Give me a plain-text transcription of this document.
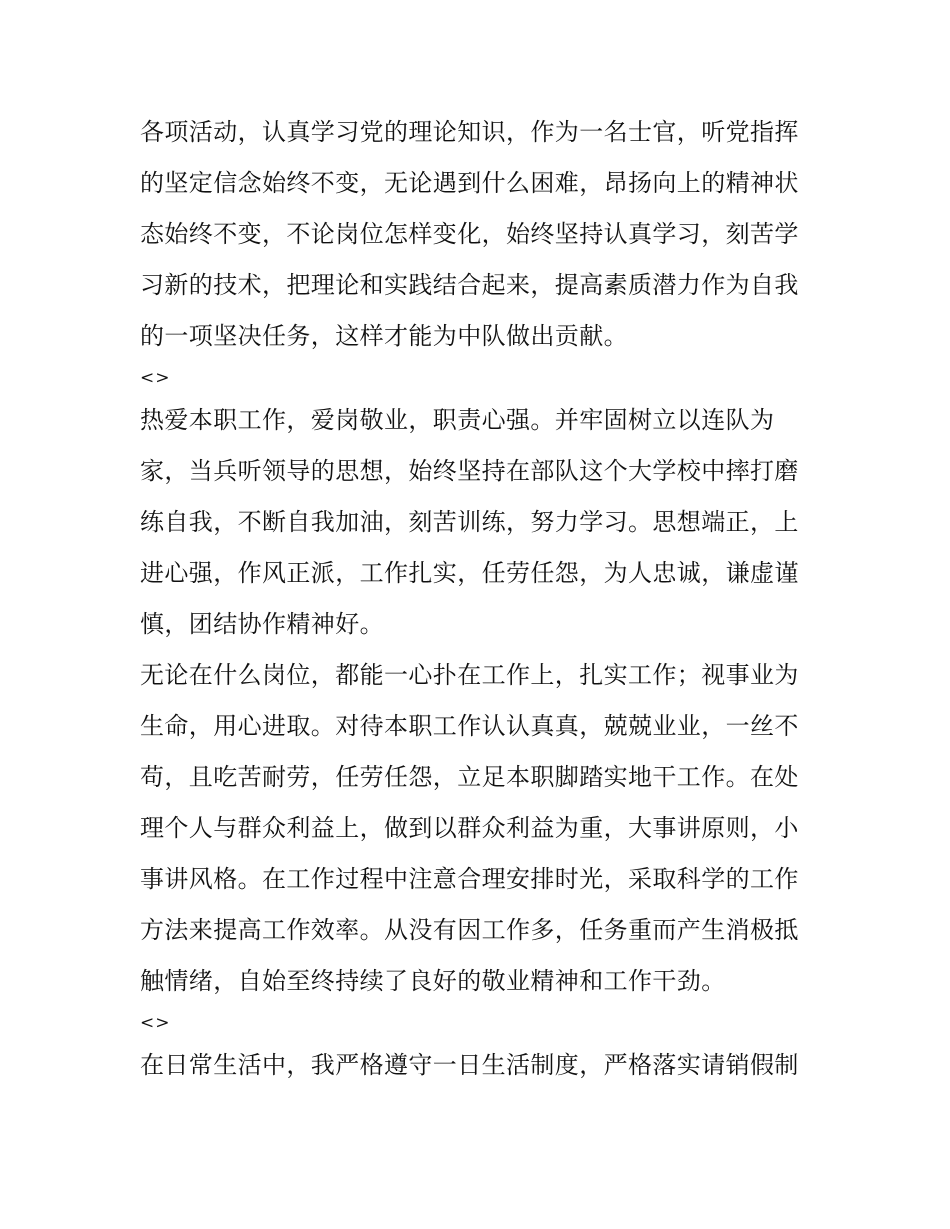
各项活动，认真学习党的理论知识，作为一名士官，听党指挥
的坚定信念始终不变，无论遇到什么困难，昂扬向上的精神状
态始终不变，不论岗位怎样变化，始终坚持认真学习，刻苦学
习新的技术，把理论和实践结合起来，提高素质潜力作为自我
的一项坚决任务，这样才能为中队做出贡献。
<>
热爱本职工作，爱岗敬业，职责心强。并牢固树立以连队为
家，当兵听领导的思想，始终坚持在部队这个大学校中摔打磨
练自我，不断自我加油，刻苦训练，努力学习。思想端正，上
进心强，作风正派，工作扎实，任劳任怨，为人忠诚，谦虚谨
慎，团结协作精神好。
无论在什么岗位，都能一心扑在工作上，扎实工作；视事业为
生命，用心进取。对待本职工作认认真真，兢兢业业，一丝不
苟，且吃苦耐劳，任劳任怨，立足本职脚踏实地干工作。在处
理个人与群众利益上，做到以群众利益为重，大事讲原则，小
事讲风格。在工作过程中注意合理安排时光，采取科学的工作
方法来提高工作效率。从没有因工作多，任务重而产生消极抵
触情绪，自始至终持续了良好的敬业精神和工作干劲。
<>
在日常生活中，我严格遵守一日生活制度，严格落实请销假制
